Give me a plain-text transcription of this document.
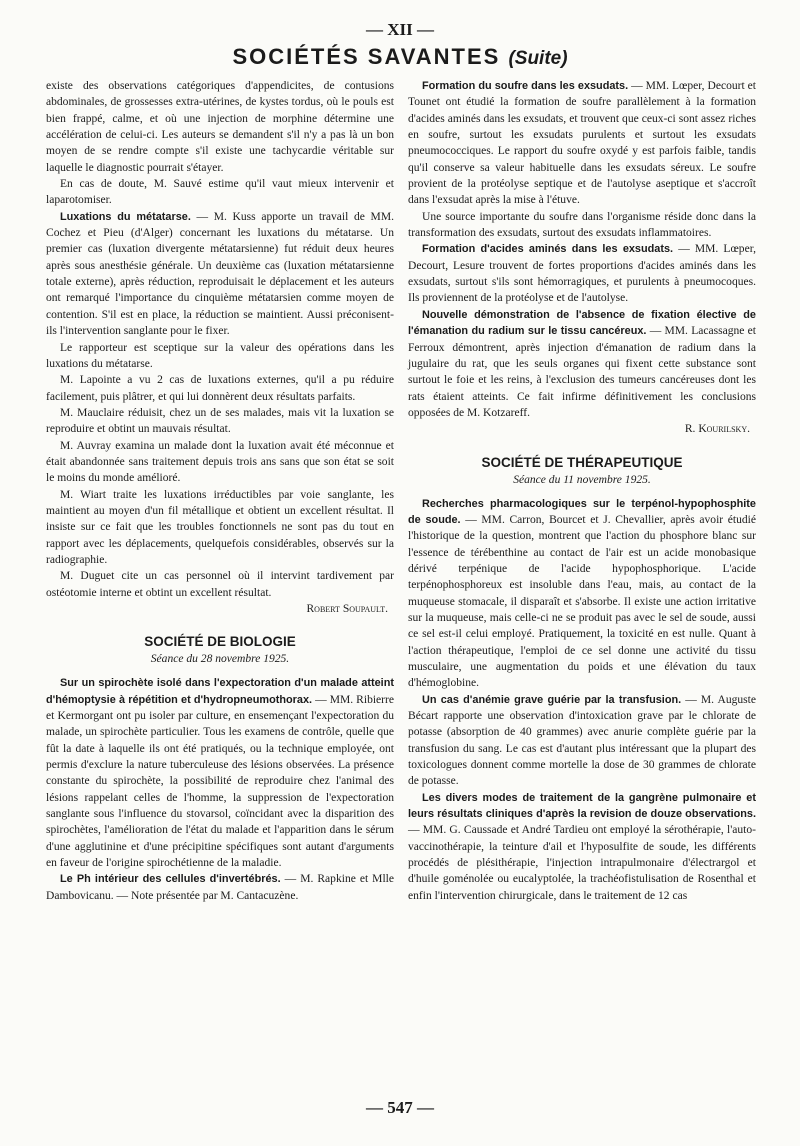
— XII —
SOCIÉTÉS SAVANTES (Suite)

existe des observations catégoriques d'appendicites, de contusions abdominales, de grossesses extra-utérines, de kystes tordus, où le pouls est bien frappé, calme, et où une injection de morphine détermine une accélération de celui-ci. Les auteurs se demandent s'il n'y a pas là un bon moyen de se rendre compte s'il existe une tachycardie véritable sur laquelle le diagnostic pourrait s'étayer.

En cas de doute, M. Sauvé estime qu'il vaut mieux intervenir et laparotomiser.

Luxations du métatarse. — M. Kuss apporte un travail de MM. Cochez et Pieu (d'Alger) concernant les luxations du métatarse. Un premier cas (luxation divergente métatarsienne) fut réduit deux heures après sous anesthésie générale. Un deuxième cas (luxation métatarsienne totale externe), après réduction, reproduisait le déplacement et les auteurs ont remarqué l'importance du cinquième métatarsien comme moyen de contention. S'il est en place, la réduction se maintient. Aussi préconisent-ils l'intervention sanglante pour le fixer.

Le rapporteur est sceptique sur la valeur des opérations dans les luxations du métatarse.

M. Lapointe a vu 2 cas de luxations externes, qu'il a pu réduire facilement, puis plâtrer, et qui lui donnèrent deux résultats parfaits.

M. Mauclaire réduisit, chez un de ses malades, mais vit la luxation se reproduire et obtint un mauvais résultat.

M. Auvray examina un malade dont la luxation avait été méconnue et était abandonnée sans traitement depuis trois ans sans que son état se soit le moins du monde amélioré.

M. Wiart traite les luxations irréductibles par voie sanglante, les maintient au moyen d'un fil métallique et obtient un excellent résultat. Il insiste sur ce fait que les troubles fonctionnels ne sont pas du tout en rapport avec les déplacements, quelquefois considérables, observés sur la radiographie.

M. Duguet cite un cas personnel où il intervint tardivement par ostéotomie interne et obtint un excellent résultat.

Robert Soupault.

SOCIÉTÉ DE BIOLOGIE

Séance du 28 novembre 1925.

Sur un spirochète isolé dans l'expectoration d'un malade atteint d'hémoptysie à répétition et d'hydropneumothorax. — MM. Ribierre et Kermorgant ont pu isoler par culture, en ensemençant l'expectoration du malade, un spirochète particulier. Tous les examens de contrôle, quelle que fût la date à laquelle ils ont été pratiqués, ou la technique employée, ont permis d'exclure la nature tuberculeuse des lésions observées. La présence constante du spirochète, la possibilité de reproduire chez l'animal des lésions rappelant celles de l'homme, la suppression de l'expectoration sanglante sous l'influence du stovarsol, coïncidant avec la disparition des spirochètes, l'amélioration de l'état du malade et l'apparition dans le sérum d'une agglutinine et d'une précipitine spécifiques sont autant d'arguments en faveur de l'origine spirochétienne de la maladie.

Le Ph intérieur des cellules d'invertébrés. — M. Rapkine et Mlle Dambovicanu. — Note présentée par M. Cantacuzène.

Formation du soufre dans les exsudats. — MM. Lœper, Decourt et Tounet ont étudié la formation de soufre parallèlement à la formation d'acides aminés dans les exsudats, et trouvent que ceux-ci sont assez riches en soufre, surtout les exsudats purulents et surtout les exsudats pneumococciques. Le rapport du soufre oxydé y est parfois faible, tandis qu'il conserve sa valeur habituelle dans les exsudats séreux. Le soufre provient de la protéolyse septique et de l'autolyse aseptique et s'accroît dans l'exsudat après la mise à l'étuve.

Une source importante du soufre dans l'organisme réside donc dans la transformation des exsudats, surtout des exsudats inflammatoires.

Formation d'acides aminés dans les exsudats. — MM. Lœper, Decourt, Lesure trouvent de fortes proportions d'acides aminés dans les exsudats, surtout s'ils sont hémorragiques, et purulents à pneumocoques. Ils proviennent de la protéolyse et de l'autolyse.

Nouvelle démonstration de l'absence de fixation élective de l'émanation du radium sur le tissu cancéreux. — MM. Lacassagne et Ferroux démontrent, après injection d'émanation de radium dans la jugulaire du rat, que les seuls organes qui fixent cette substance sont surtout le foie et les reins, à l'exclusion des tumeurs cancéreuses dont les rats étaient atteints. Ce fait infirme définitivement les conclusions opposées de M. Kotzareff.

R. Kourilsky.

SOCIÉTÉ DE THÉRAPEUTIQUE

Séance du 11 novembre 1925.

Recherches pharmacologiques sur le terpénol-hypophosphite de soude. — MM. Carron, Bourcet et J. Chevallier, après avoir étudié l'historique de la question, montrent que l'action du phosphore blanc sur l'essence de térébenthine au contact de l'air est un acide monobasique dérivé terpénique de l'acide hypophosphorique. L'acide terpénophosphoreux est insoluble dans l'eau, mais, au contact de la muqueuse stomacale, il disparaît et s'absorbe. Il existe une action irritative sur la muqueuse, mais celle-ci ne se produit pas avec le sel de soude, aussi ce sel est-il celui employé. Pratiquement, la toxicité en est nulle. Quant à l'action thérapeutique, l'emploi de ce sel donne une activité du tissu musculaire, une augmentation du poids et une élévation du taux d'hémoglobine.

Un cas d'anémie grave guérie par la transfusion. — M. Auguste Bécart rapporte une observation d'intoxication grave par le chlorate de potasse (absorption de 40 grammes) avec anurie complète guérie par la transfusion du sang. Le cas est d'autant plus intéressant que la plupart des toxicologues donnent comme mortelle la dose de 30 grammes de chlorate de potasse.

Les divers modes de traitement de la gangrène pulmonaire et leurs résultats cliniques d'après la revision de douze observations. — MM. G. Caussade et André Tardieu ont employé la sérothérapie, l'auto-vaccinothérapie, la teinture d'ail et l'hyposulfite de soude, les différents procédés de plésithérapie, l'injection intrapulmonaire d'électrargol et d'huile goménolée ou eucalyptolée, la trachéofistulisation de Rosenthal et enfin l'intervention chirurgicale, dans le traitement de 12 cas

— 547 —
